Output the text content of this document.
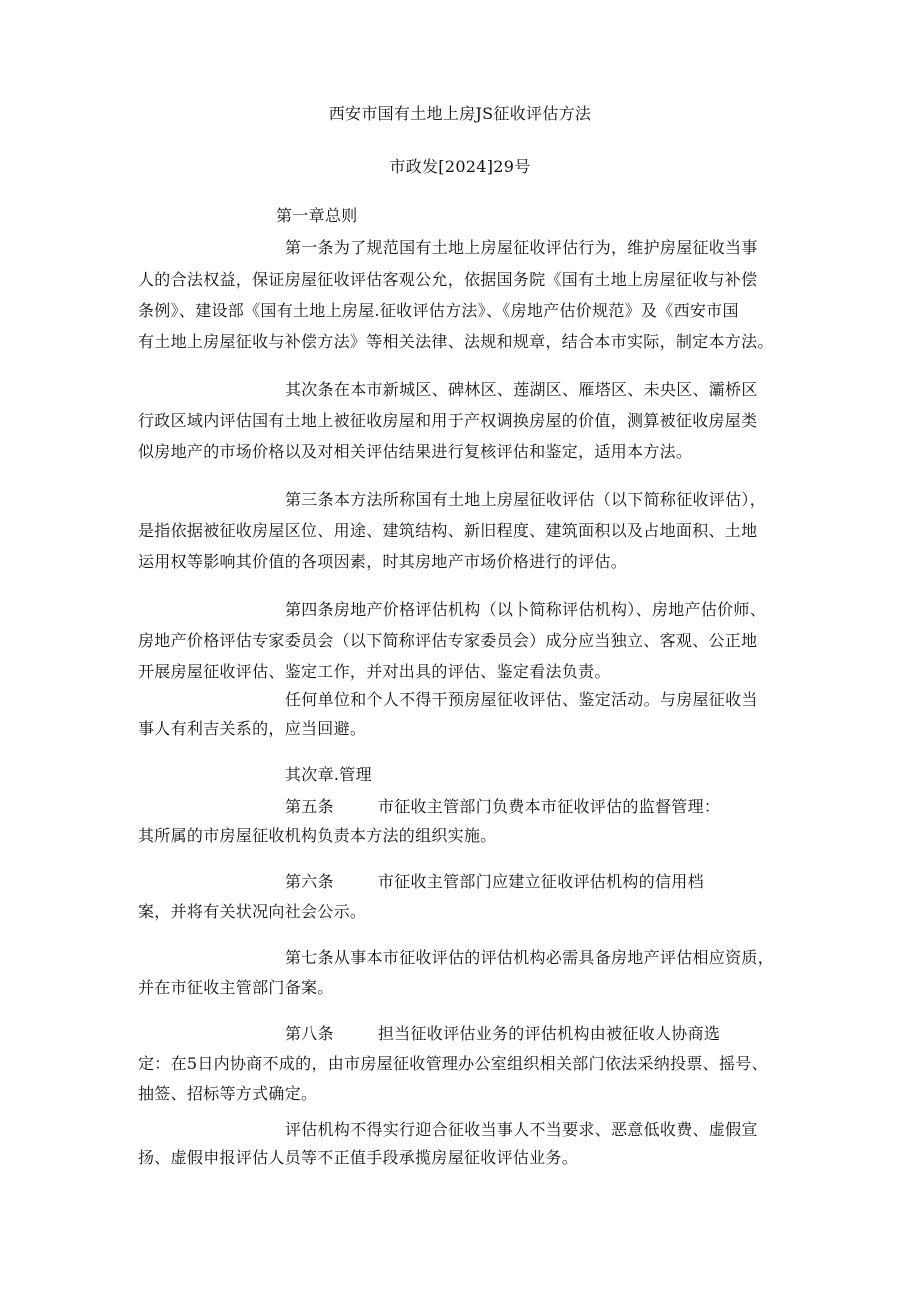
西安市国有土地上房JS征收评估方法
市政发[2024]29号
第一章总则
第一条为了规范国有土地上房屋征收评估行为，维护房屋征收当事
人的合法权益，保证房屋征收评估客观公允，依据国务院《国有土地上房屋征收与补偿
条例》、建设部《国有土地上房屋.征收评估方法》、《房地产估价规范》及《西安市国
有土地上房屋征收与补偿方法》等相关法律、法规和规章，结合本市实际，制定本方法。
其次条在本市新城区、碑林区、莲湖区、雁塔区、未央区、灞桥区
行政区域内评估国有土地上被征收房屋和用于产权调换房屋的价值，测算被征收房屋类
似房地产的市场价格以及对相关评估结果进行复核评估和鉴定，适用本方法。
第三条本方法所称国有土地上房屋征收评估（以下简称征收评估），
是指依据被征收房屋区位、用途、建筑结构、新旧程度、建筑面积以及占地面积、土地
运用权等影响其价值的各项因素，时其房地产市场价格进行的评估。
第四条房地产价格评估机构（以卜简称评估机构）、房地产估价师、
房地产价格评估专家委员会（以下简称评估专家委员会）成分应当独立、客观、公正地
开展房屋征收评估、鉴定工作，并对出具的评估、鉴定看法负责。
任何单位和个人不得干预房屋征收评估、鉴定活动。与房屋征收当
事人有利吉关系的，应当回避。
其次章.管理
第五条	市征收主管部门负费本市征收评估的监督管理：
其所属的市房屋征收机构负责本方法的组织实施。
第六条	市征收主管部门应建立征收评估机构的信用档
案，并将有关状况向社会公示。
第七条从事本市征收评估的评估机构必需具备房地产评估相应资质，
并在市征收主管部门备案。
第八条	担当征收评估业务的评估机构由被征收人协商选
定：在5日内协商不成的，由市房屋征收管理办公室组织相关部门依法采纳投票、摇号、
抽签、招标等方式确定。
评估机构不得实行迎合征收当事人不当要求、恶意低收费、虚假宣
扬、虚假申报评估人员等不正值手段承揽房屋征收评估业务。
